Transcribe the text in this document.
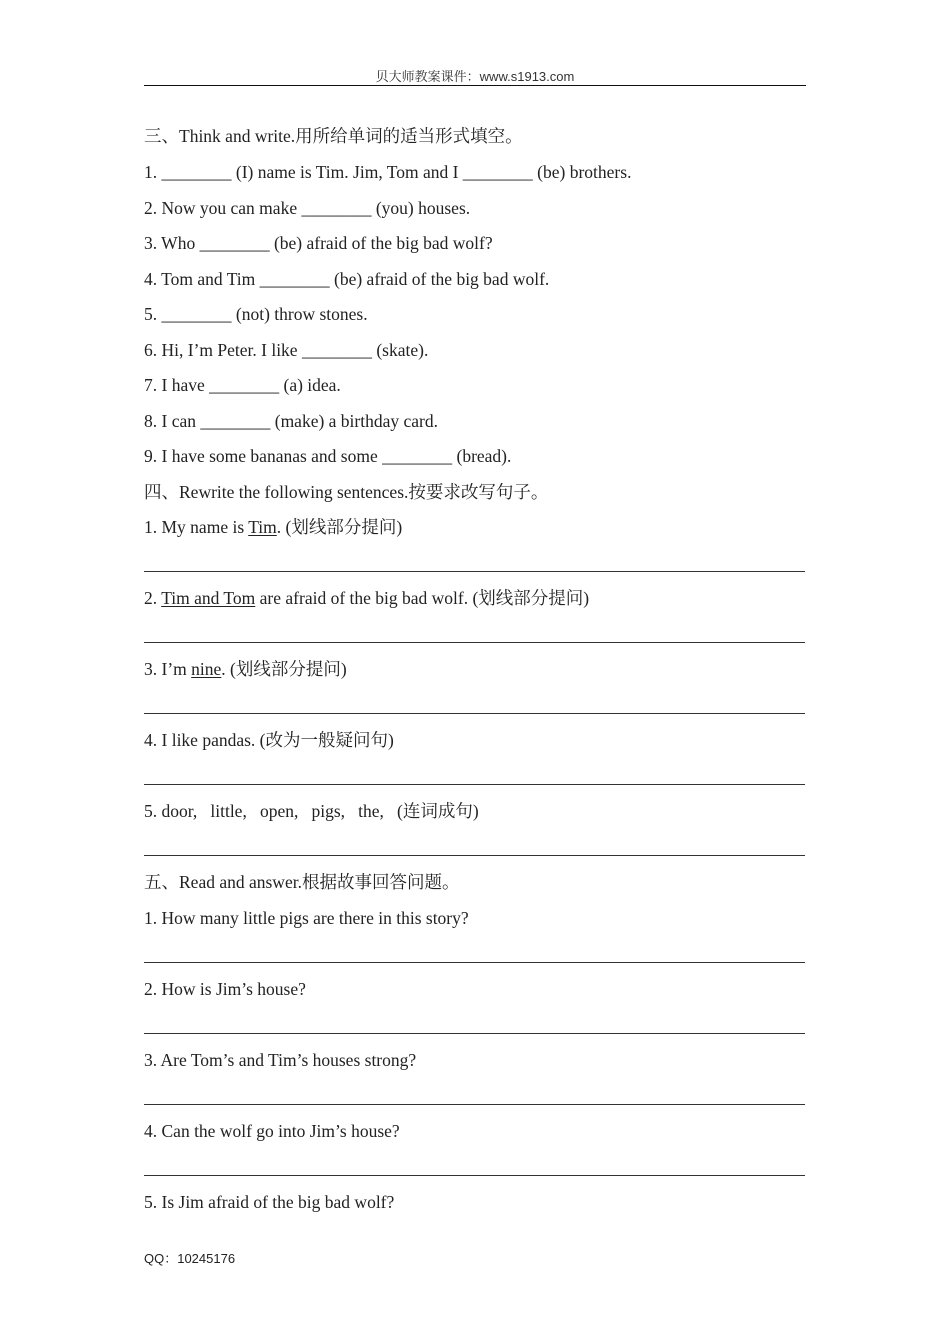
贝大师教案课件：www.s1913.com
三、Think and write.用所给单词的适当形式填空。
1. ________ (I) name is Tim. Jim, Tom and I ________ (be) brothers.
2. Now you can make ________ (you) houses.
3. Who ________ (be) afraid of the big bad wolf?
4. Tom and Tim ________ (be) afraid of the big bad wolf.
5. ________ (not) throw stones.
6. Hi, I’m Peter. I like ________ (skate).
7. I have ________ (a) idea.
8. I can ________ (make) a birthday card.
9. I have some bananas and some ________ (bread).
四、Rewrite the following sentences.按要求改写句子。
1. My name is Tim. (划线部分提问)
2. Tim and Tom are afraid of the big bad wolf. (划线部分提问)
3. I’m nine. (划线部分提问)
4. I like pandas. (改为一般疑问句)
5. door,   little,   open,   pigs,   the,   (连词成句)
五、Read and answer.根据故事回答问题。
1. How many little pigs are there in this story?
2. How is Jim’s house?
3. Are Tom’s and Tim’s houses strong?
4. Can the wolf go into Jim’s house?
5. Is Jim afraid of the big bad wolf?
QQ：10245176
